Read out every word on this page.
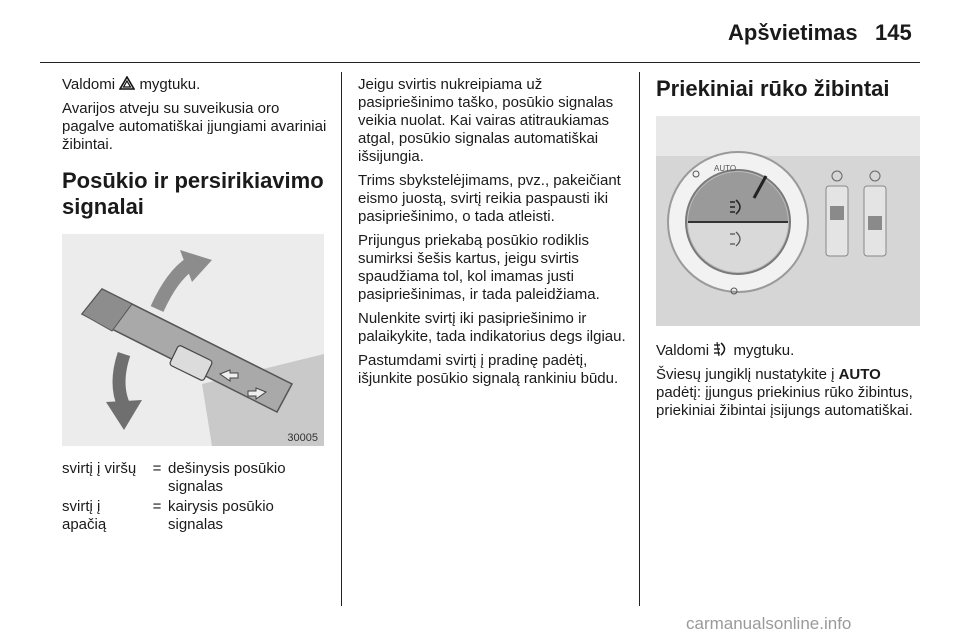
Apšvietimas 145

Valdomi mygtuku.

Avarijos atveju su suveikusia oro pagalve automatiškai įjungiami avariniai žibintai.

Posūkio ir persirikiavimo signalai
30005
svirtį į viršų	=	dešinysis posūkio signalas
svirtį į apačią	=	kairysis posūkio signalas

Jeigu svirtis nukreipiama už pasipriešinimo taško, posūkio signalas veikia nuolat. Kai vairas atitraukiamas atgal, posūkio signalas automatiškai išsijungia.

Trims sbykstelėjimams, pvz., pakeičiant eismo juostą, svirtį reikia paspausti iki pasipriešinimo, o tada atleisti.

Prijungus priekabą posūkio rodiklis sumirksi šešis kartus, jeigu svirtis spaudžiama tol, kol imamas justi pasipriešinimas, ir tada paleidžiama.

Nulenkite svirtį iki pasipriešinimo ir palaikykite, tada indikatorius degs ilgiau.

Pastumdami svirtį į pradinę padėtį, išjunkite posūkio signalą rankiniu būdu.

Priekiniai rūko žibintai
AUTO

Valdomi mygtuku.

Šviesų jungiklį nustatykite į AUTO padėtį: įjungus priekinius rūko žibintus, priekiniai žibintai įsijungs automatiškai.

carmanualsonline.info
